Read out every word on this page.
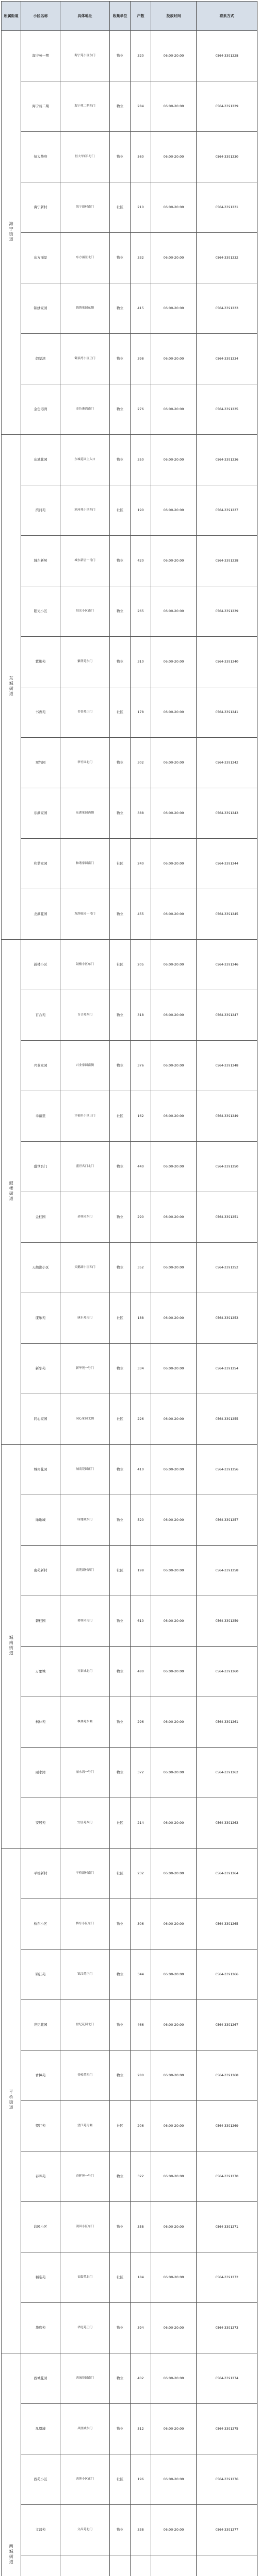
所属街道	小区名称	具体地址	收集单位	户数	投放时间	联系方式
海宁街道	海宁苑一期	海宁苑小区东门	物业	320	06:00-20:00	0564-3391228
	海宁苑二期	海宁苑二期西门	物业	284	06:00-20:00	0564-3391229
	恒大华府	恒大华府1号门	物业	560	06:00-20:00	0564-3391230
	海宁新村	海宁新村南门	社区	210	06:00-20:00	0564-3391231
	东方丽景	东方丽景北门	物业	332	06:00-20:00	0564-3391232
	锦绣家园	锦绣家园东侧	物业	415	06:00-20:00	0564-3391233
	御景湾	御景湾小区正门	物业	398	06:00-20:00	0564-3391234
	金色港湾	金色港湾南门	物业	276	06:00-20:00	0564-3391235
东城街道	东城花园	东城花园主入口	物业	350	06:00-20:00	0564-3391236
	滨河苑	滨河苑小区西门	社区	190	06:00-20:00	0564-3391237
	城东新居	城东新居一号门	物业	420	06:00-20:00	0564-3391238
	阳光小区	阳光小区南门	物业	265	06:00-20:00	0564-3391239
	紫荆苑	紫荆苑东门	物业	310	06:00-20:00	0564-3391240
	书香苑	书香苑正门	社区	178	06:00-20:00	0564-3391241
	翠竹园	翠竹园北门	物业	302	06:00-20:00	0564-3391242
	东湖家园	东湖家园西侧	物业	388	06:00-20:00	0564-3391243
	和谐家园	和谐家园南门	社区	240	06:00-20:00	0564-3391244
	龙湖花园	龙湖花园一号门	物业	455	06:00-20:00	0564-3391245
鼓楼街道	鼓楼小区	鼓楼小区东门	社区	205	06:00-20:00	0564-3391246
	百合苑	百合苑西门	物业	318	06:00-20:00	0564-3391247
	兴业家园	兴业家园南侧	物业	376	06:00-20:00	0564-3391248
	幸福里	幸福里小区正门	社区	162	06:00-20:00	0564-3391249
	盛世名门	盛世名门北门	物业	440	06:00-20:00	0564-3391250
	金桂园	金桂园东门	物业	290	06:00-20:00	0564-3391251
	天鹅湖小区	天鹅湖小区西门	物业	352	06:00-20:00	0564-3391252
	康乐苑	康乐苑南门	社区	188	06:00-20:00	0564-3391253
	新华苑	新华苑一号门	物业	334	06:00-20:00	0564-3391254
	同心家园	同心家园北侧	社区	226	06:00-20:00	0564-3391255
城南街道	城南花园	城南花园正门	物业	410	06:00-20:00	0564-3391256
	绿地城	绿地城东门	物业	520	06:00-20:00	0564-3391257
	南苑新村	南苑新村西门	社区	198	06:00-20:00	0564-3391258
	碧桂园	碧桂园南门	物业	610	06:00-20:00	0564-3391259
	万象城	万象城北门	物业	480	06:00-20:00	0564-3391260
	枫林苑	枫林苑东侧	物业	296	06:00-20:00	0564-3391261
	丽水湾	丽水湾一号门	物业	372	06:00-20:00	0564-3391262
	安居苑	安居苑西门	社区	214	06:00-20:00	0564-3391263
平桥街道	平桥新村	平桥新村南门	社区	232	06:00-20:00	0564-3391264
	桥东小区	桥东小区东门	物业	306	06:00-20:00	0564-3391265
	锦江苑	锦江苑正门	物业	344	06:00-20:00	0564-3391266
	世纪花园	世纪花园北门	物业	466	06:00-20:00	0564-3391267
	香樟苑	香樟苑西门	物业	280	06:00-20:00	0564-3391268
	望江苑	望江苑南侧	社区	206	06:00-20:00	0564-3391269
	春晖苑	春晖苑一号门	物业	322	06:00-20:00	0564-3391270
	润园小区	润园小区东门	物业	358	06:00-20:00	0564-3391271
	福临苑	福临苑北门	社区	184	06:00-20:00	0564-3391272
	华庭苑	华庭苑正门	物业	394	06:00-20:00	0564-3391273
西城街道	西城花园	西城花园南门	物业	402	06:00-20:00	0564-3391274
	凤凰城	凤凰城东门	物业	512	06:00-20:00	0564-3391275
	西苑小区	西苑小区正门	社区	196	06:00-20:00	0564-3391276
	文昌苑	文昌苑北门	物业	338	06:00-20:00	0564-3391277
